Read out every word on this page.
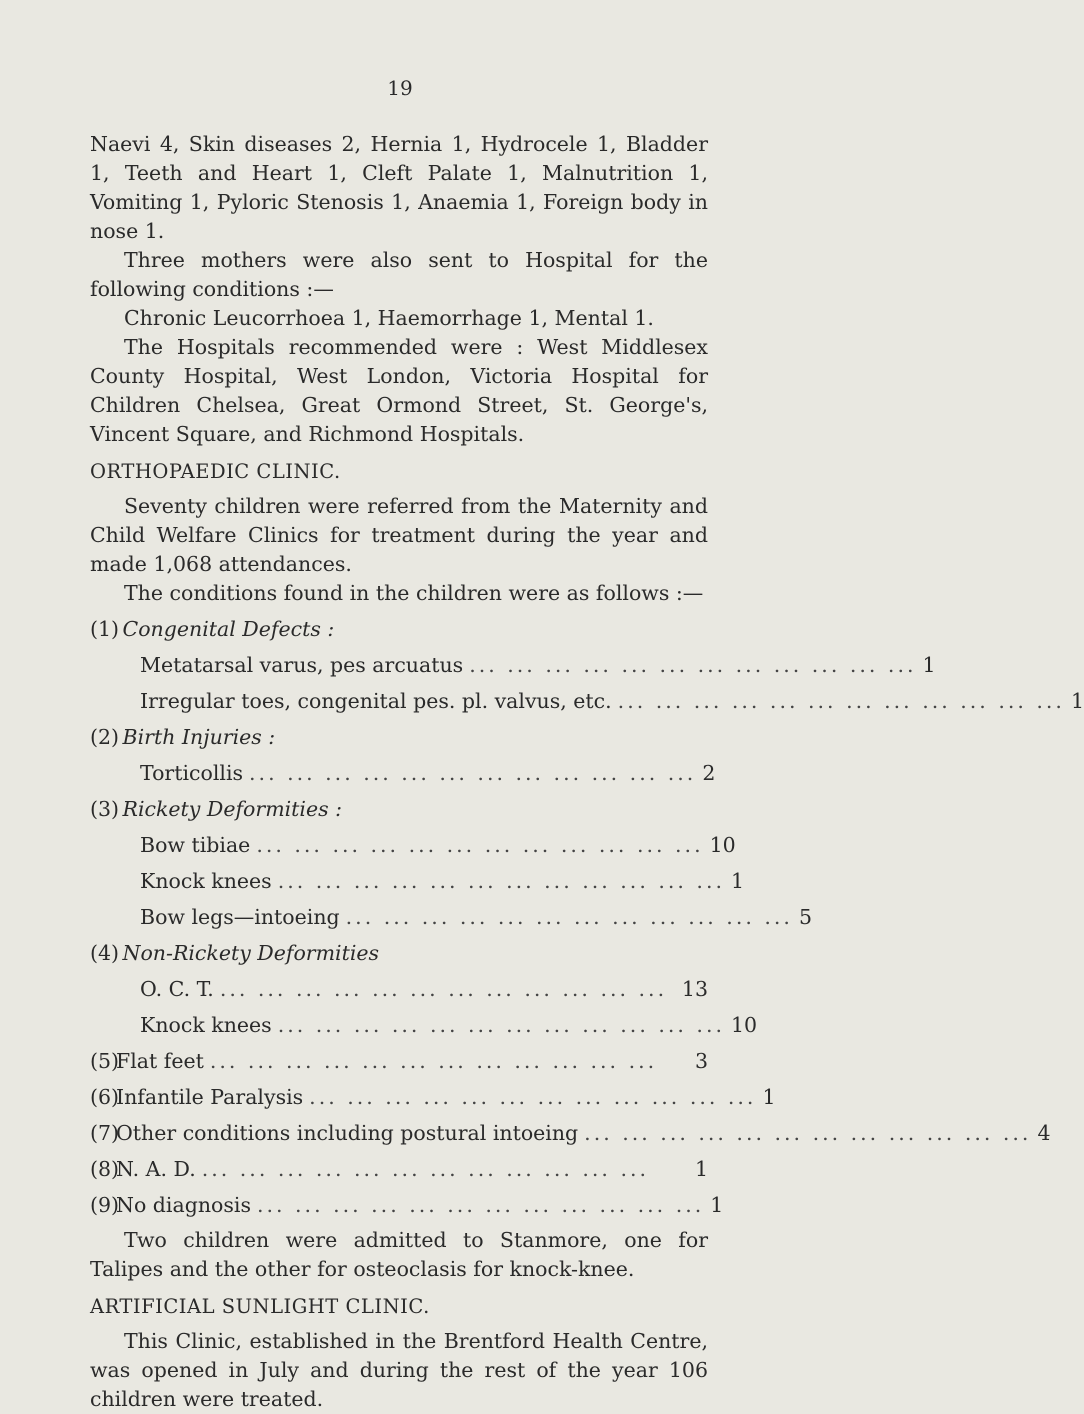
19

Naevi 4, Skin diseases 2, Hernia 1, Hydrocele 1, Bladder 1, Teeth and Heart 1, Cleft Palate 1, Malnutrition 1, Vomiting 1, Pyloric Stenosis 1, Anaemia 1, Foreign body in nose 1.

Three mothers were also sent to Hospital for the following conditions :—

Chronic Leucorrhoea 1, Haemorrhage 1, Mental 1.

The Hospitals recommended were : West Middlesex County Hospital, West London, Victoria Hospital for Children Chelsea, Great Ormond Street, St. George's, Vincent Square, and Richmond Hospitals.

ORTHOPAEDIC CLINIC.

Seventy children were referred from the Maternity and Child Welfare Clinics for treatment during the year and made 1,068 attendances.

The conditions found in the children were as follows :—

(1) Congenital Defects :
Metatarsal varus, pes arcuatus ... ... ... ... ... ... ... ... ... ... ... ... 1
Irregular toes, congenital pes. pl. valvus, etc. ... ... ... ... ... ... ... ... ... ... ... ... 1
(2) Birth Injuries :
Torticollis ... ... ... ... ... ... ... ... ... ... ... ... 2
(3) Rickety Deformities :
Bow tibiae ... ... ... ... ... ... ... ... ... ... ... ... 10
Knock knees ... ... ... ... ... ... ... ... ... ... ... ... 1
Bow legs—intoeing ... ... ... ... ... ... ... ... ... ... ... ... 5
(4) Non-Rickety Deformities
O. C. T. ... ... ... ... ... ... ... ... ... ... ... ... 13
Knock knees ... ... ... ... ... ... ... ... ... ... ... ... 10
(5)Flat feet ... ... ... ... ... ... ... ... ... ... ... ...	3
(6)Infantile Paralysis ... ... ... ... ... ... ... ... ... ... ... ... 1
(7)Other conditions including postural intoeing ... ... ... ... ... ... ... ... ... ... ... ... 4
(8)N. A. D. ... ... ... ... ... ... ... ... ... ... ... ...	1
(9)No diagnosis ... ... ... ... ... ... ... ... ... ... ... ... 1

Two children were admitted to Stanmore, one for Talipes and the other for osteoclasis for knock-knee.

ARTIFICIAL SUNLIGHT CLINIC.

This Clinic, established in the Brentford Health Centre, was opened in July and during the rest of the year 106 children were treated.
